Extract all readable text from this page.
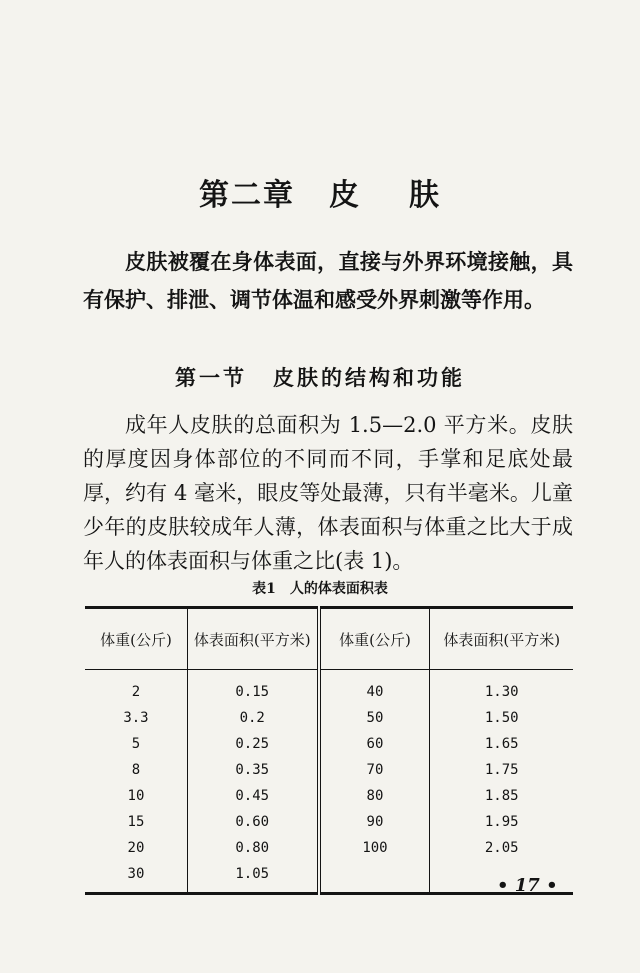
第二章 皮 肤

皮肤被覆在身体表面，直接与外界环境接触，具有保护、排泄、调节体温和感受外界刺激等作用。

第一节 皮肤的结构和功能

成年人皮肤的总面积为 1.5—2.0 平方米。皮肤的厚度因身体部位的不同而不同，手掌和足底处最厚，约有 4 毫米，眼皮等处最薄，只有半毫米。儿童少年的皮肤较成年人薄，体表面积与体重之比大于成年人的体表面积与体重之比(表 1)。

表1　人的体表面积表
体重(公斤)	体表面积(平方米)	体重(公斤)	体表面积(平方米)
2	0.15	40	1.30
3.3	0.2	50	1.50
5	0.25	60	1.65
8	0.35	70	1.75
10	0.45	80	1.85
15	0.60	90	1.95
20	0.80	100	2.05
30	1.05		
• 17 •
